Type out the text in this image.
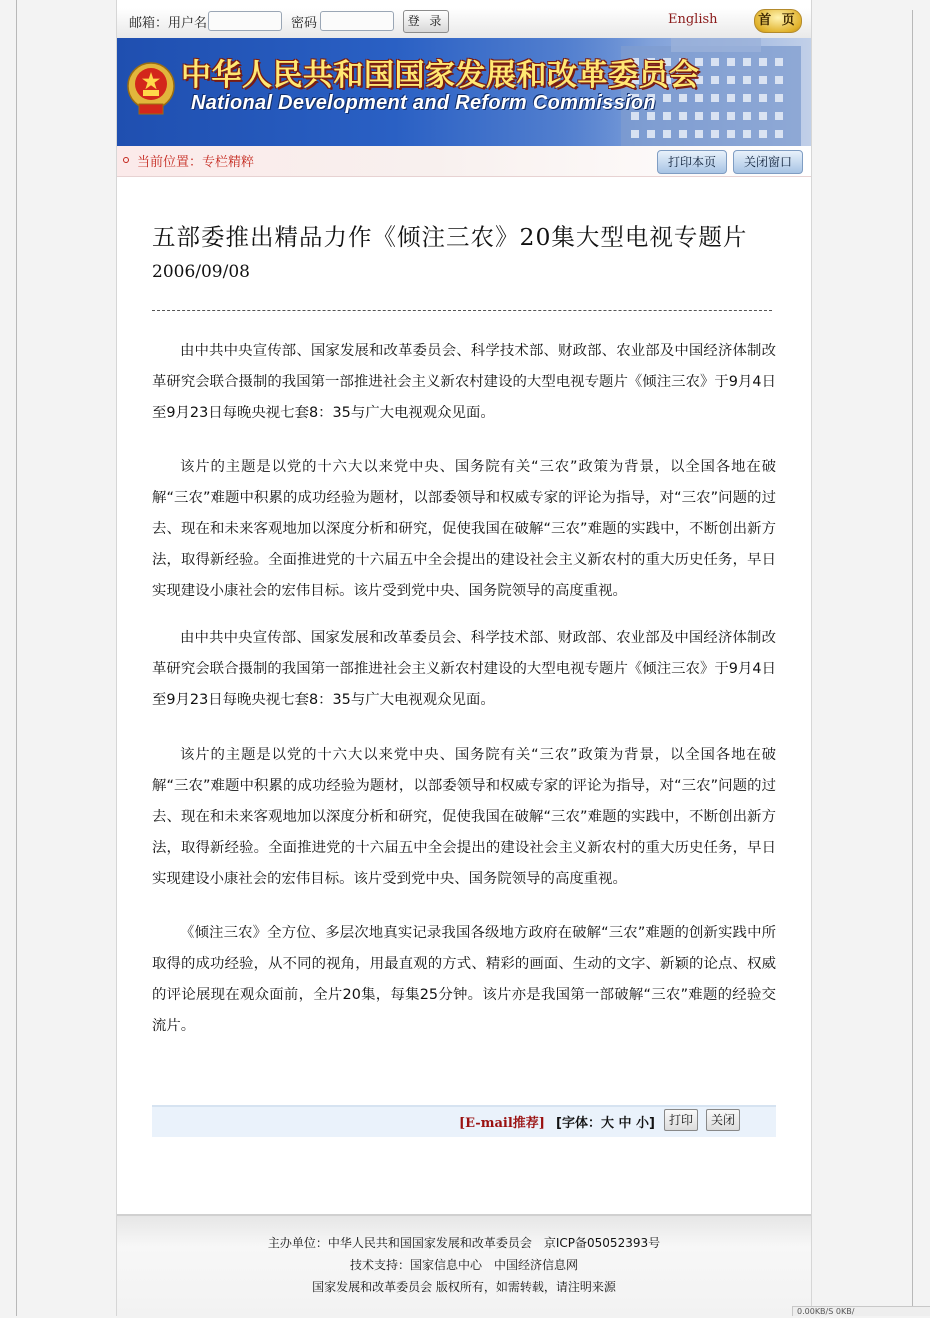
邮箱：用户名	密码	登 录	English	首 页
中华人民共和国国家发展和改革委员会
National Development and Reform Commission
当前位置：专栏精粹	打印本页	关闭窗口
五部委推出精品力作《倾注三农》20集大型电视专题片
2006/09/08

由中共中央宣传部、国家发展和改革委员会、科学技术部、财政部、农业部及中国经济体制改革研究会联合摄制的我国第一部推进社会主义新农村建设的大型电视专题片《倾注三农》于9月4日至9月23日每晚央视七套8：35与广大电视观众见面。

该片的主题是以党的十六大以来党中央、国务院有关“三农”政策为背景，以全国各地在破解“三农”难题中积累的成功经验为题材，以部委领导和权威专家的评论为指导，对“三农”问题的过去、现在和未来客观地加以深度分析和研究，促使我国在破解“三农”难题的实践中，不断创出新方法，取得新经验。全面推进党的十六届五中全会提出的建设社会主义新农村的重大历史任务，早日实现建设小康社会的宏伟目标。该片受到党中央、国务院领导的高度重视。

由中共中央宣传部、国家发展和改革委员会、科学技术部、财政部、农业部及中国经济体制改革研究会联合摄制的我国第一部推进社会主义新农村建设的大型电视专题片《倾注三农》于9月4日至9月23日每晚央视七套8：35与广大电视观众见面。

该片的主题是以党的十六大以来党中央、国务院有关“三农”政策为背景，以全国各地在破解“三农”难题中积累的成功经验为题材，以部委领导和权威专家的评论为指导，对“三农”问题的过去、现在和未来客观地加以深度分析和研究，促使我国在破解“三农”难题的实践中，不断创出新方法，取得新经验。全面推进党的十六届五中全会提出的建设社会主义新农村的重大历史任务，早日实现建设小康社会的宏伟目标。该片受到党中央、国务院领导的高度重视。

《倾注三农》全方位、多层次地真实记录我国各级地方政府在破解“三农”难题的创新实践中所取得的成功经验，从不同的视角，用最直观的方式、精彩的画面、生动的文字、新颖的论点、权威的评论展现在观众面前，全片20集，每集25分钟。该片亦是我国第一部破解“三农”难题的经验交流片。

[E-mail推荐] [字体：大 中 小]	打印	关闭
主办单位：中华人民共和国国家发展和改革委员会　京ICP备05052393号
技术支持：国家信息中心　中国经济信息网
国家发展和改革委员会 版权所有，如需转载，请注明来源
0.00KB/S 0KB/
